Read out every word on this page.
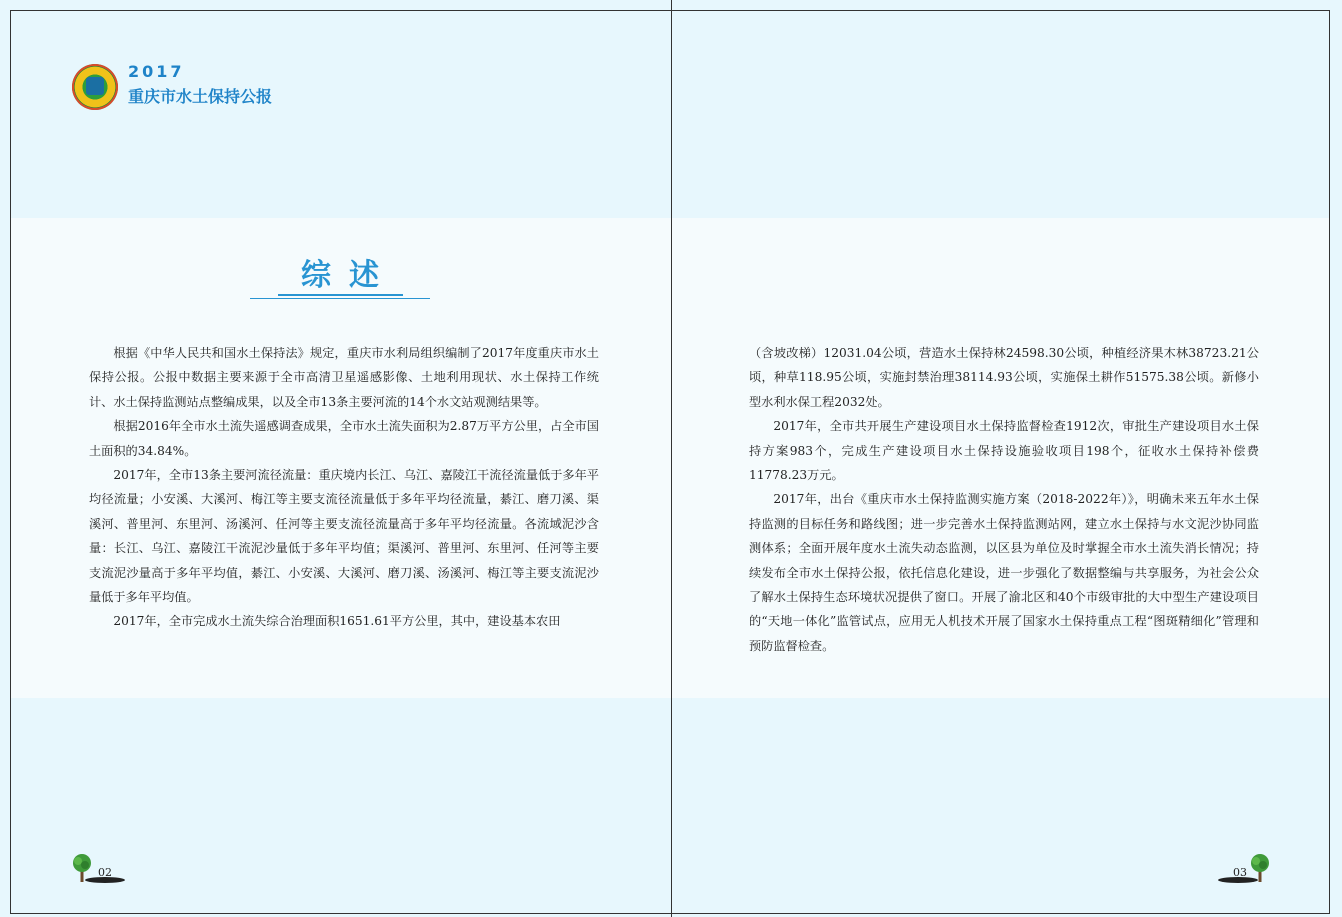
2017
重庆市水土保持公报
综述

根据《中华人民共和国水土保持法》规定，重庆市水利局组织编制了2017年度重庆市水土保持公报。公报中数据主要来源于全市高清卫星遥感影像、土地利用现状、水土保持工作统计、水土保持监测站点整编成果，以及全市13条主要河流的14个水文站观测结果等。

根据2016年全市水土流失遥感调查成果，全市水土流失面积为2.87万平方公里，占全市国土面积的34.84%。

2017年，全市13条主要河流径流量：重庆境内长江、乌江、嘉陵江干流径流量低于多年平均径流量；小安溪、大溪河、梅江等主要支流径流量低于多年平均径流量，綦江、磨刀溪、渠溪河、普里河、东里河、汤溪河、任河等主要支流径流量高于多年平均径流量。各流域泥沙含量：长江、乌江、嘉陵江干流泥沙量低于多年平均值；渠溪河、普里河、东里河、任河等主要支流泥沙量高于多年平均值，綦江、小安溪、大溪河、磨刀溪、汤溪河、梅江等主要支流泥沙量低于多年平均值。

2017年，全市完成水土流失综合治理面积1651.61平方公里，其中，建设基本农田

（含坡改梯）12031.04公顷，营造水土保持林24598.30公顷，种植经济果木林38723.21公顷，种草118.95公顷，实施封禁治理38114.93公顷，实施保土耕作51575.38公顷。新修小型水利水保工程2032处。

2017年，全市共开展生产建设项目水土保持监督检查1912次，审批生产建设项目水土保持方案983个，完成生产建设项目水土保持设施验收项目198个，征收水土保持补偿费11778.23万元。

2017年，出台《重庆市水土保持监测实施方案（2018-2022年）》，明确未来五年水土保持监测的目标任务和路线图；进一步完善水土保持监测站网，建立水土保持与水文泥沙协同监测体系；全面开展年度水土流失动态监测，以区县为单位及时掌握全市水土流失消长情况；持续发布全市水土保持公报，依托信息化建设，进一步强化了数据整编与共享服务，为社会公众了解水土保持生态环境状况提供了窗口。开展了渝北区和40个市级审批的大中型生产建设项目的“天地一体化”监管试点，应用无人机技术开展了国家水土保持重点工程“图斑精细化”管理和预防监督检查。

02	03
